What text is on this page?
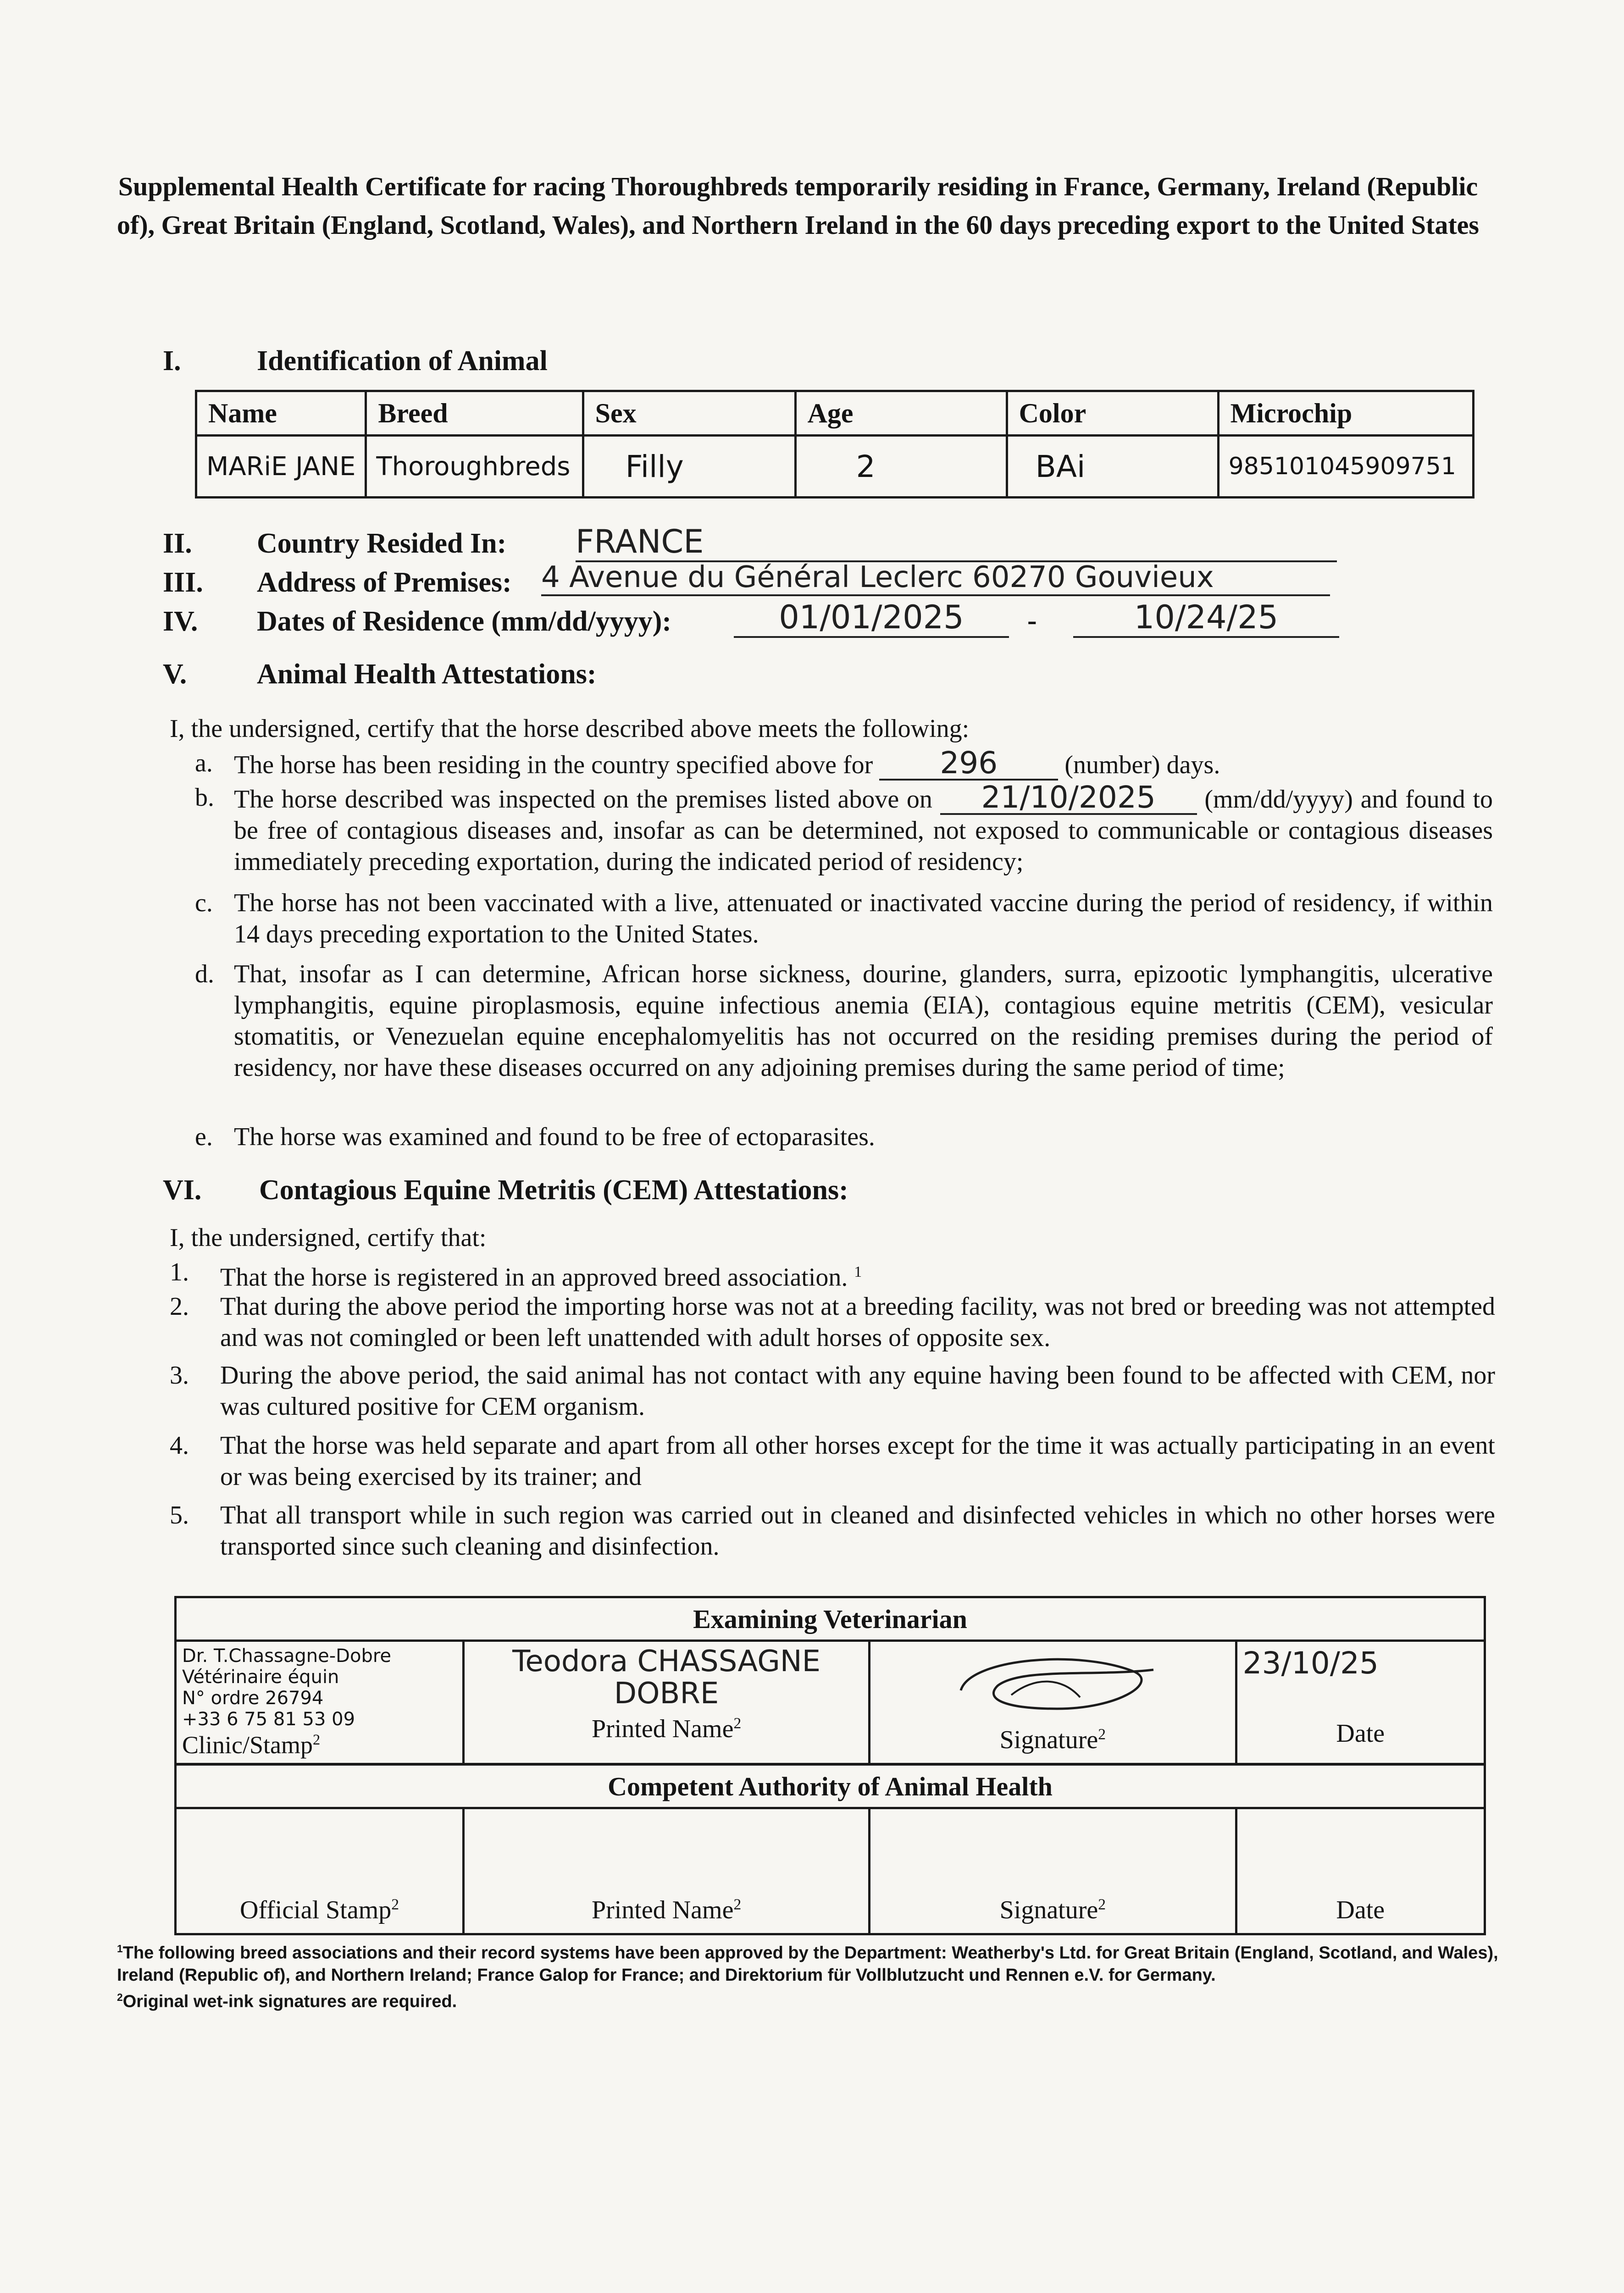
Supplemental Health Certificate for racing Thoroughbreds temporarily residing in France, Germany, Ireland (Republic of), Great Britain (England, Scotland, Wales), and Northern Ireland in the 60 days preceding export to the United States
I.	Identification of Animal
Name	Breed	Sex	Age	Color	Microchip
MARiE JANE	Thoroughbreds	Filly	2	BAi	985101045909751
II. Country Resided In: FRANCE
III. Address of Premises: 4 Avenue du Général Leclerc 60270 Gouvieux
IV. Dates of Residence (mm/dd/yyyy):	01/01/2025	-	10/24/25
V. Animal Health Attestations:
I, the undersigned, certify that the horse described above meets the following:
a. The horse has been residing in the country specified above for 296	(number) days.
b. The horse described was inspected on the premises listed above on 21/10/2025 (mm/dd/yyyy) and found to be free of contagious diseases and, insofar as can be determined, not exposed to communicable or contagious diseases immediately preceding exportation, during the indicated period of residency;
c. The horse has not been vaccinated with a live, attenuated or inactivated vaccine during the period of residency, if within 14 days preceding exportation to the United States.
d. That, insofar as I can determine, African horse sickness, dourine, glanders, surra, epizootic lymphangitis, ulcerative lymphangitis, equine piroplasmosis, equine infectious anemia (EIA), contagious equine metritis (CEM), vesicular stomatitis, or Venezuelan equine encephalomyelitis has not occurred on the residing premises during the period of residency, nor have these diseases occurred on any adjoining premises during the same period of time;
e. The horse was examined and found to be free of ectoparasites.
VI. Contagious Equine Metritis (CEM) Attestations:
I, the undersigned, certify that:
1. That the horse is registered in an approved breed association. $^1$
2. That during the above period the importing horse was not at a breeding facility, was not bred or breeding was not attempted and was not comingled or been left unattended with adult horses of opposite sex.
3. During the above period, the said animal has not contact with any equine having been found to be affected with CEM, nor was cultured positive for CEM organism.
4. That the horse was held separate and apart from all other horses except for the time it was actually participating in an event or was being exercised by its trainer; and
5. That all transport while in such region was carried out in cleaned and disinfected vehicles in which no other horses were transported since such cleaning and disinfection.
Examining Veterinarian

Dr. T.Chassagne-Dobre
Vétérinaire équin
N° ordre 26794
+33 6 75 81 53 09
Clinic/Stamp$^2$

Teodora CHASSAGNE DOBRE
Printed Name$^2$

Signature$^2$

23/10/25
Date
Competent Authority of Animal Health
Official Stamp$^2$	Printed Name$^2$	Signature$^2$	Date
$^1$The following breed associations and their record systems have been approved by the Department: Weatherby's Ltd. for Great Britain (England, Scotland, and Wales), Ireland (Republic of), and Northern Ireland; France Galop for France; and Direktorium für Vollblutzucht und Rennen e.V. for Germany.
$^2$Original wet-ink signatures are required.
